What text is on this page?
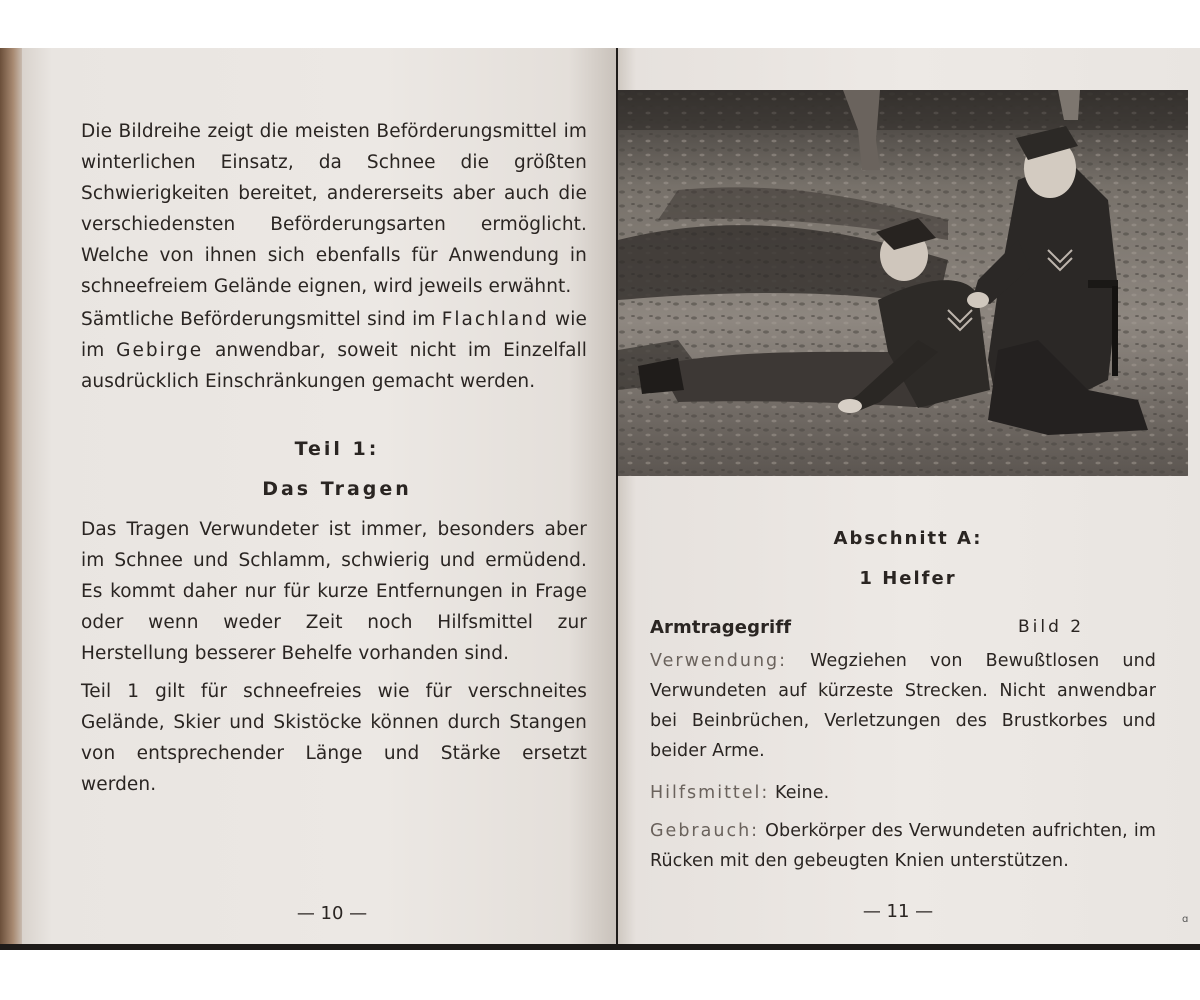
Die Bildreihe zeigt die meisten Beförderungsmittel im winterlichen Einsatz, da Schnee die größten Schwierigkeiten bereitet, andererseits aber auch die verschiedensten Beförderungsarten ermöglicht. Welche von ihnen sich ebenfalls für Anwendung in schneefreiem Gelände eignen, wird jeweils erwähnt.

Sämtliche Beförderungsmittel sind im Flachland wie im Gebirge anwendbar, soweit nicht im Einzelfall ausdrücklich Einschränkungen gemacht werden.

Teil 1:

Das Tragen

Das Tragen Verwundeter ist immer, besonders aber im Schnee und Schlamm, schwierig und ermüdend. Es kommt daher nur für kurze Entfernungen in Frage oder wenn weder Zeit noch Hilfsmittel zur Herstellung besserer Behelfe vorhanden sind.

Teil 1 gilt für schneefreies wie für verschneites Gelände, Skier und Skistöcke können durch Stangen von entsprechender Länge und Stärke ersetzt werden.

— 10 —

Abschnitt A:

1 Helfer

Armtragegriff	Bild 2

Verwendung: Wegziehen von Bewußtlosen und Verwundeten auf kürzeste Strecken. Nicht anwendbar bei Beinbrüchen, Verletzungen des Brustkorbes und beider Arme.

Hilfsmittel: Keine.

Gebrauch: Oberkörper des Verwundeten aufrichten, im Rücken mit den gebeugten Knien unterstützen.

— 11 —	ɑ
